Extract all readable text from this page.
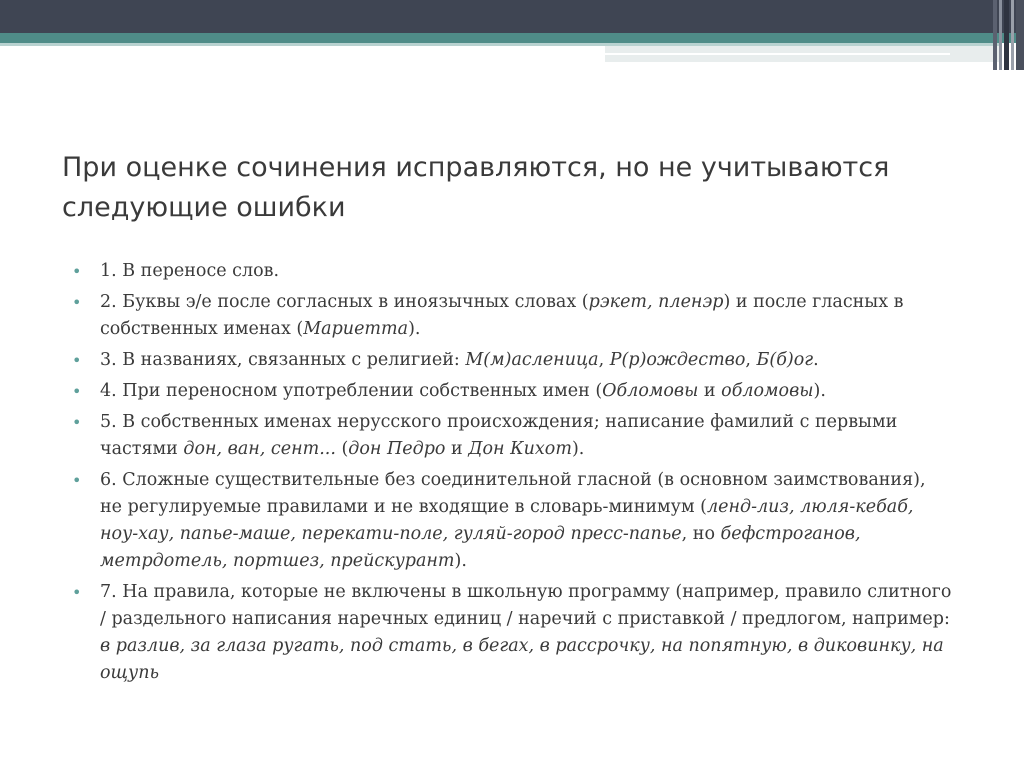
При оценке сочинения исправляются, но не учитываются следующие ошибки
• 1. В переносе слов.
• 2. Буквы э/е после согласных в иноязычных словах (рэкет, пленэр) и после гласных в собственных именах (Мариетта).
• 3. В названиях, связанных с религией: М(м)асленица, Р(р)ождество, Б(б)ог.
• 4. При переносном употреблении собственных имен (Обломовы и обломовы).
• 5. В собственных именах нерусского происхождения; написание фамилий с первыми частями дон, ван, сент... (дон Педро и Дон Кихот).
• 6. Сложные существительные без соединительной гласной (в основном заимствования), не регулируемые правилами и не входящие в словарь-минимум (ленд-лиз, люля-кебаб, ноу-хау, папье-маше, перекати-поле, гуляй-город пресс-папье, но бефстроганов, метрдотель, портшез, прейскурант).
• 7. На правила, которые не включены в школьную программу (например, правило слитного / раздельного написания наречных единиц / наречий с приставкой / предлогом, например: в разлив, за глаза ругать, под стать, в бегах, в рассрочку, на попятную, в диковинку, на ощупь
